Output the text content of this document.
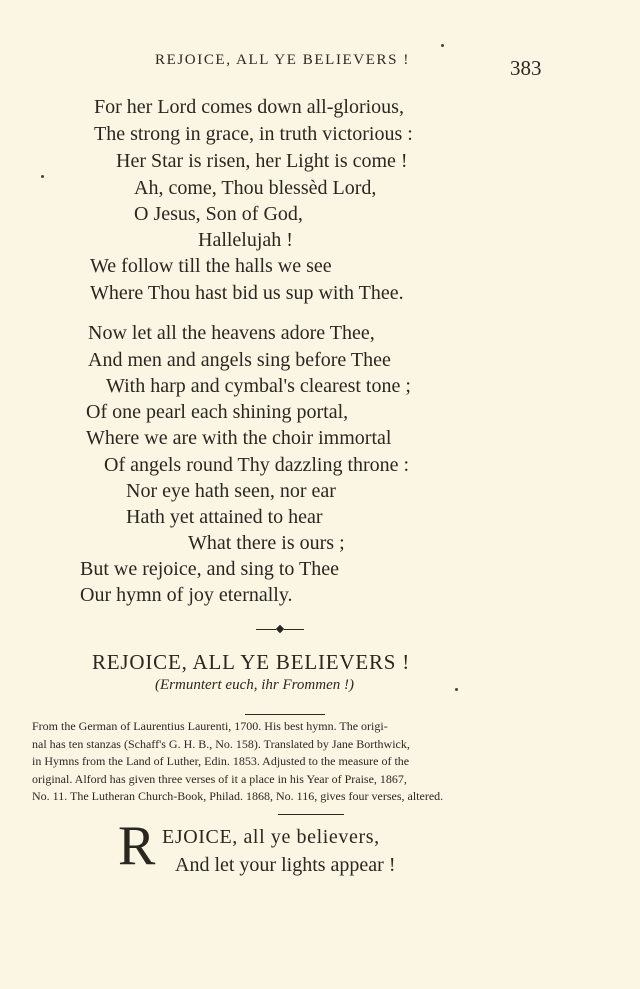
REJOICE, ALL YE BELIEVERS !	383
For her Lord comes down all-glorious,
The strong in grace, in truth victorious :
Her Star is risen, her Light is come !
Ah, come, Thou blessèd Lord,
O Jesus, Son of God,
Hallelujah !
We follow till the halls we see
Where Thou hast bid us sup with Thee.
Now let all the heavens adore Thee,
And men and angels sing before Thee
With harp and cymbal's clearest tone ;
Of one pearl each shining portal,
Where we are with the choir immortal
Of angels round Thy dazzling throne :
Nor eye hath seen, nor ear
Hath yet attained to hear
What there is ours ;
But we rejoice, and sing to Thee
Our hymn of joy eternally.
REJOICE, ALL YE BELIEVERS !
(Ermuntert euch, ihr Frommen !)
From the German of Laurentius Laurenti, 1700. His best hymn. The origi-
nal has ten stanzas (Schaff's G. H. B., No. 158). Translated by Jane Borthwick,
in Hymns from the Land of Luther, Edin. 1853. Adjusted to the measure of the
original. Alford has given three verses of it a place in his Year of Praise, 1867,
No. 11. The Lutheran Church-Book, Philad. 1868, No. 116, gives four verses, altered.
R EJOICE, all ye believers,
And let your lights appear !
